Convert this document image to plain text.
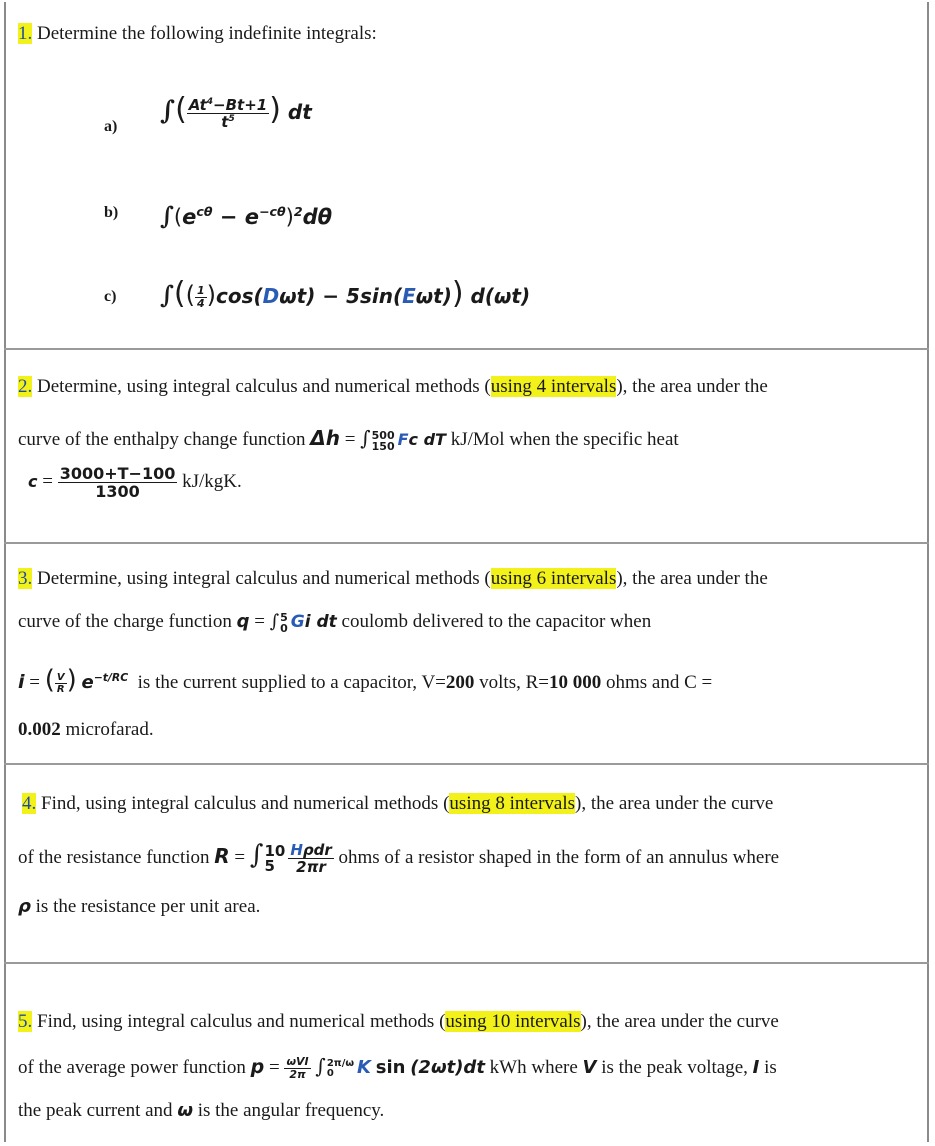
1. Determine the following indefinite integrals:
a)
∫( $\frac{At^4-Bt+1}{t^5}$ ) dt
b) $\int(e^{c\theta} - e^{-c\theta})^2d\theta$
c) ∫(( $\frac{1}{4} )\cos(D\omega t) - 5\sin(E\omega t)$) d(ωt)
2. Determine, using integral calculus and numerical methods (using 4 intervals), the area under the
curve of the enthalpy change function Δh = ∫ 500
150 Fc dT kJ/Mol when the specific heat
$c = \frac{3000+T-100}{1300} kJ/kgK$.
3. Determine, using integral calculus and numerical methods (using 6 intervals), the area under the
curve of the charge function q = ∫ 5
0 Gi dt coulomb delivered to the capacitor when
i = ( $\frac{V}{R}$ ) $e^{-t/RC}$ is the current supplied to a capacitor, V=200 volts, R=10 000 ohms and C =
0.002 microfarad.
4. Find, using integral calculus and numerical methods (using 8 intervals), the area under the curve
of the resistance function R = ∫ 10
$5 \frac{\text{Hρdr}}{2\pi r}$ ohms of a resistor shaped in the form of an annulus where
ρ is the resistance per unit area.
5. Find, using integral calculus and numerical methods (using 10 intervals), the area under the curve
of the average power function $p = \frac{\text{ωVI}}{2\pi}$ ∫ 2π/ω
0	K sin (2ωt)dt kWh where V is the peak voltage, I is
the peak current and ω is the angular frequency.
